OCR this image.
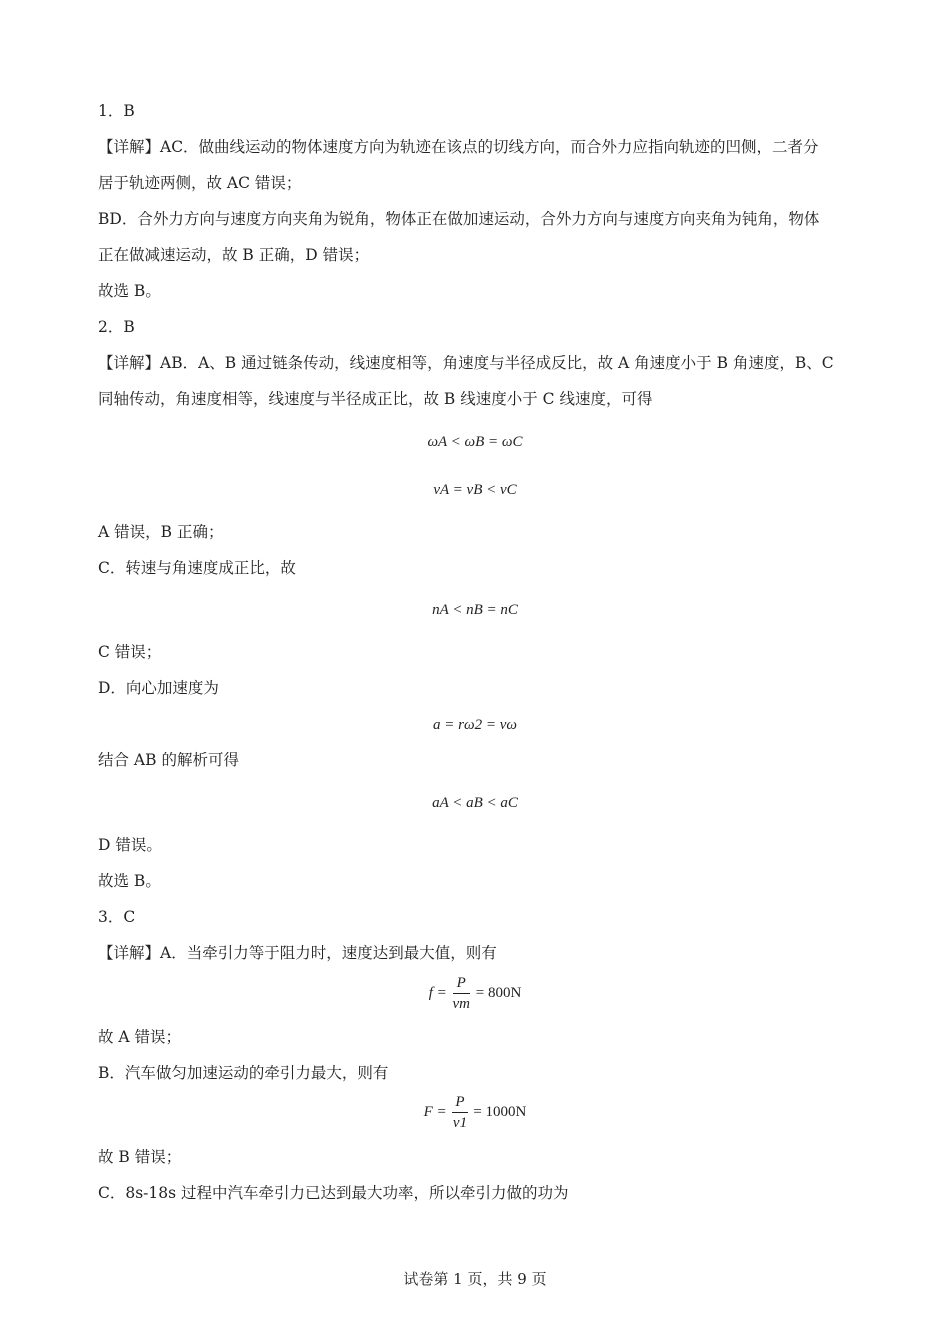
1．B
【详解】AC．做曲线运动的物体速度方向为轨迹在该点的切线方向，而合外力应指向轨迹的凹侧，二者分
居于轨迹两侧，故 AC 错误；
BD．合外力方向与速度方向夹角为锐角，物体正在做加速运动，合外力方向与速度方向夹角为钝角，物体
正在做减速运动，故 B 正确，D 错误；
故选 B。
2．B
【详解】AB．A、B 通过链条传动，线速度相等，角速度与半径成反比，故 A 角速度小于 B 角速度，B、C
同轴传动，角速度相等，线速度与半径成正比，故 B 线速度小于 C 线速度，可得
ωA < ωB = ωC
vA = vB < vC
A 错误，B 正确；
C．转速与角速度成正比，故
nA < nB = nC
C 错误；
D．向心加速度为
a = rω2 = vω
结合 AB 的解析可得
aA < aB < aC
D 错误。
故选 B。
3．C
【详解】A．当牵引力等于阻力时，速度达到最大值，则有
$f = \frac{P}{vm} = 800N$
故 A 错误；
B．汽车做匀加速运动的牵引力最大，则有
$F = \frac{P}{v1} = 1000N$
故 B 错误；
C．8s-18s 过程中汽车牵引力已达到最大功率，所以牵引力做的功为
试卷第 1 页，共 9 页
